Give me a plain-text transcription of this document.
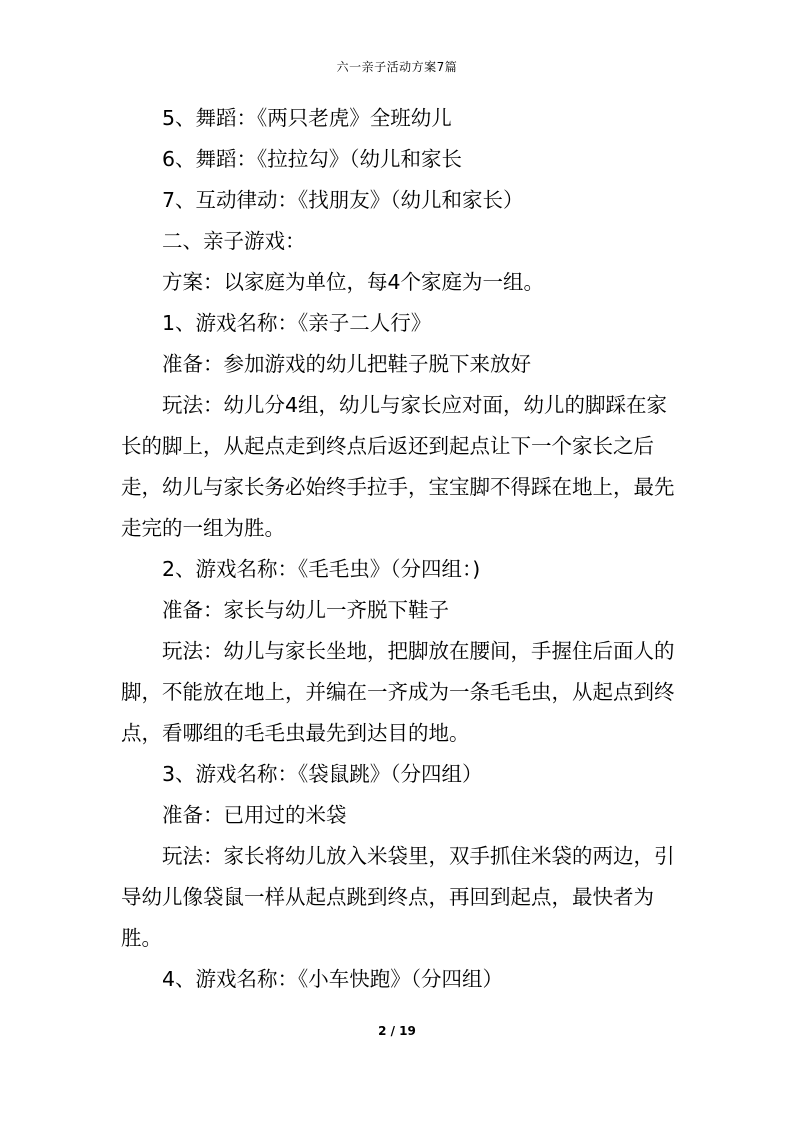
六一亲子活动方案7篇

5、舞蹈：《两只老虎》全班幼儿

6、舞蹈：《拉拉勾》（幼儿和家长

7、互动律动：《找朋友》（幼儿和家长）

二、亲子游戏：

方案：以家庭为单位，每4个家庭为一组。

1、游戏名称：《亲子二人行》

准备：参加游戏的幼儿把鞋子脱下来放好

玩法：幼儿分4组，幼儿与家长应对面，幼儿的脚踩在家长的脚上，从起点走到终点后返还到起点让下一个家长之后走，幼儿与家长务必始终手拉手，宝宝脚不得踩在地上，最先走完的一组为胜。

2、游戏名称：《毛毛虫》（分四组：)

准备：家长与幼儿一齐脱下鞋子

玩法：幼儿与家长坐地，把脚放在腰间，手握住后面人的脚，不能放在地上，并编在一齐成为一条毛毛虫，从起点到终点，看哪组的毛毛虫最先到达目的地。

3、游戏名称：《袋鼠跳》（分四组）

准备：已用过的米袋

玩法：家长将幼儿放入米袋里，双手抓住米袋的两边，引导幼儿像袋鼠一样从起点跳到终点，再回到起点，最快者为胜。

4、游戏名称：《小车快跑》（分四组）

2 / 19
